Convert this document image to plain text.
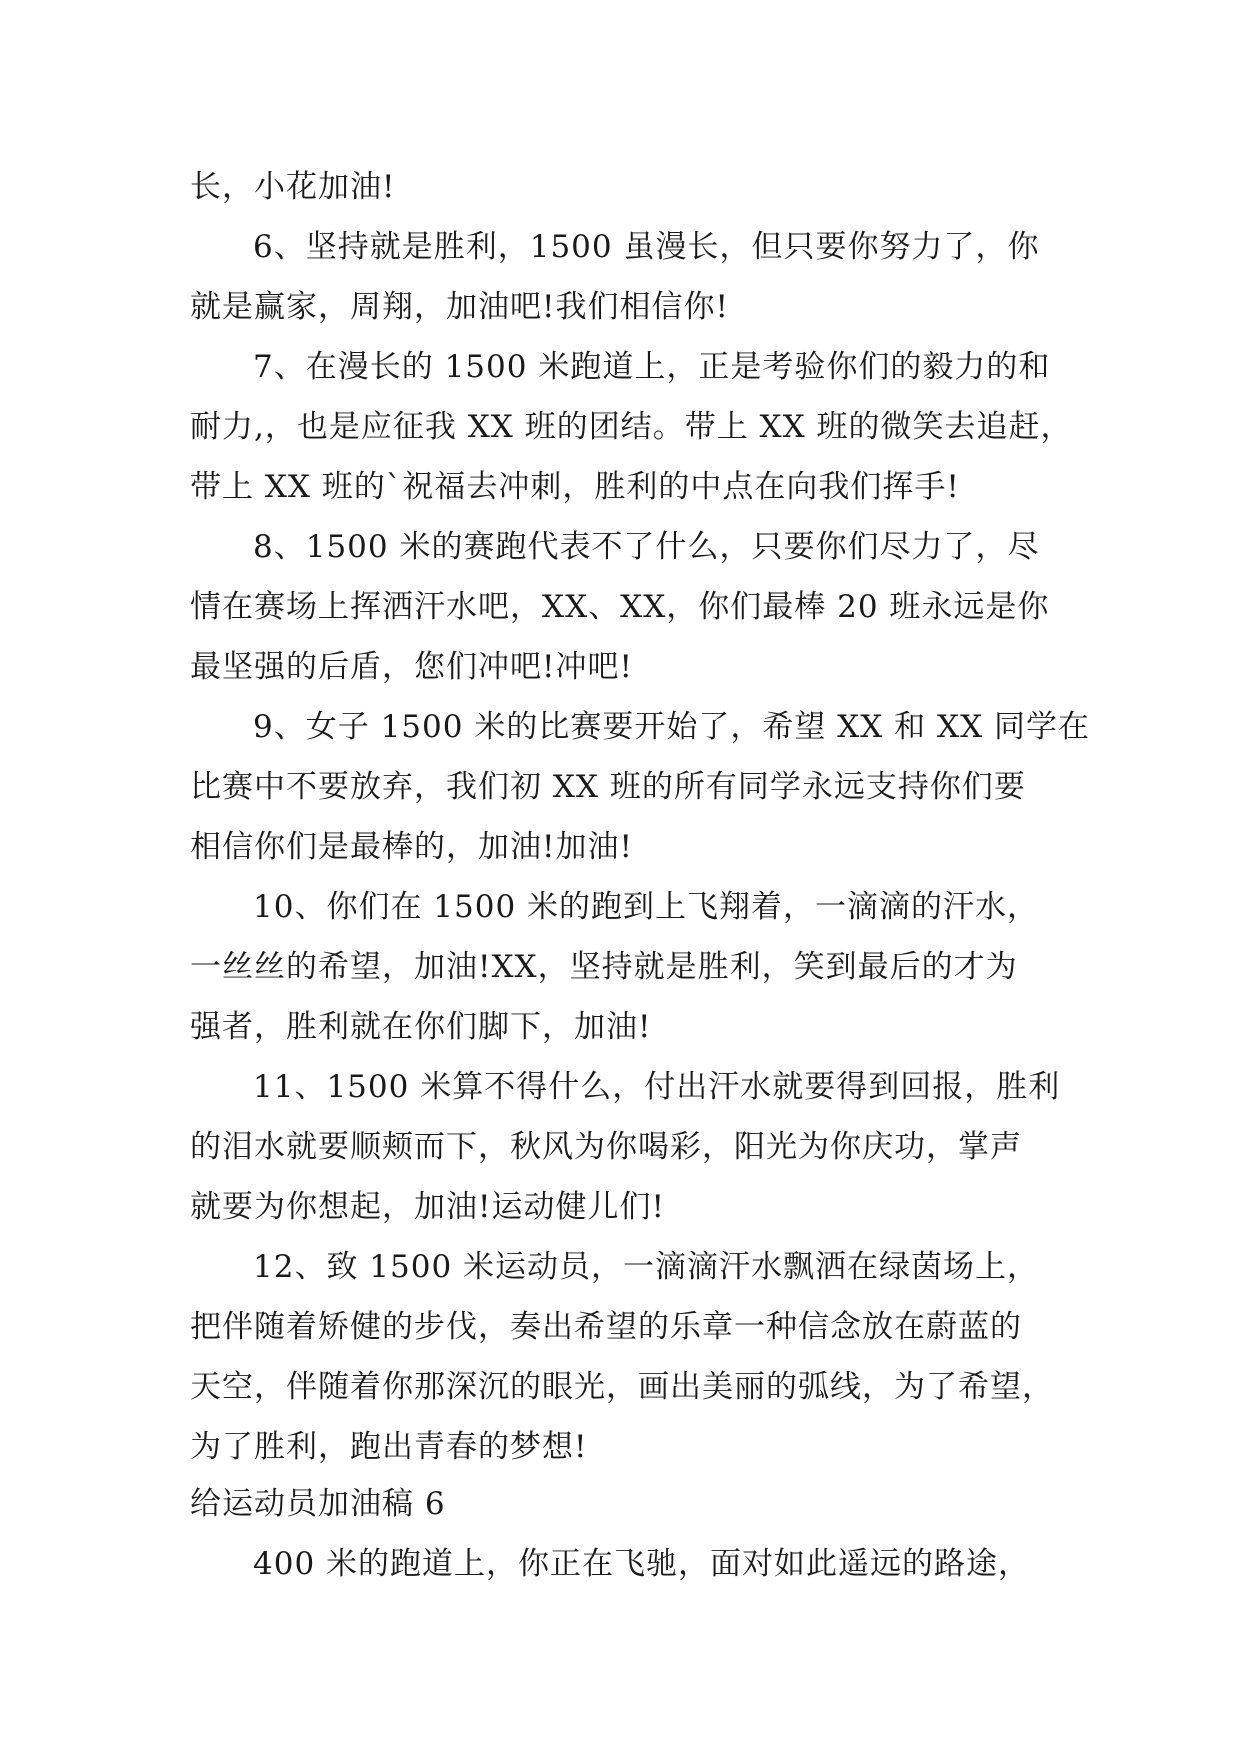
长，小花加油!
6、坚持就是胜利，1500 虽漫长，但只要你努力了，你
就是赢家，周翔，加油吧!我们相信你!
7、在漫长的 1500 米跑道上，正是考验你们的毅力的和
耐力,，也是应征我 XX 班的团结。带上 XX 班的微笑去追赶，
带上 XX 班的`祝福去冲刺，胜利的中点在向我们挥手!
8、1500 米的赛跑代表不了什么，只要你们尽力了，尽
情在赛场上挥洒汗水吧，XX、XX，你们最棒 20 班永远是你
最坚强的后盾，您们冲吧!冲吧!
9、女子 1500 米的比赛要开始了，希望 XX 和 XX 同学在
比赛中不要放弃，我们初 XX 班的所有同学永远支持你们要
相信你们是最棒的，加油!加油!
10、你们在 1500 米的跑到上飞翔着，一滴滴的汗水，
一丝丝的希望，加油!XX，坚持就是胜利，笑到最后的才为
强者，胜利就在你们脚下，加油!
11、1500 米算不得什么，付出汗水就要得到回报，胜利
的泪水就要顺颊而下，秋风为你喝彩，阳光为你庆功，掌声
就要为你想起，加油!运动健儿们!
12、致 1500 米运动员，一滴滴汗水飘洒在绿茵场上，
把伴随着矫健的步伐，奏出希望的乐章一种信念放在蔚蓝的
天空，伴随着你那深沉的眼光，画出美丽的弧线，为了希望，
为了胜利，跑出青春的梦想!
给运动员加油稿 6
400 米的跑道上，你正在飞驰，面对如此遥远的路途，
